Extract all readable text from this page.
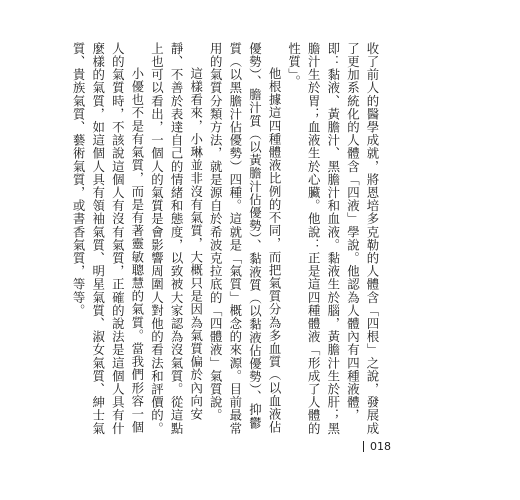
收了前人的醫學成就，將恩培多克勒的人體含「四根」之說，發展成了更加系統化的人體含「四液」學說。他認為人體內有四種液體，即：黏液、黃膽汁、黑膽汁和血液。黏液生於腦，黃膽汁生於肝；黑膽汁生於胃；血液生於心臟。他說：正是這四種體液「形成了人體的性質」。

他根據這四種體液比例的不同，而把氣質分為多血質（以血液佔優勢）、膽汁質（以黃膽汁佔優勢）、黏液質（以黏液佔優勢）、抑鬱質（以黑膽汁佔優勢）四種。這就是「氣質」概念的來源。目前最常用的氣質分類方法，就是源自於希波克拉底的「四體液」氣質說。

這樣看來，小琳並非沒有氣質，大概只是因為氣質偏於內向安靜、不善於表達自己的情緒和態度，以致被大家認為沒氣質。從這點上也可以看出，一個人的氣質是會影響周圍人對他的看法和評價的。

小優也不是有氣質，而是有著靈敏聰慧的氣質。當我們形容一個人的氣質時，不該說這個人有沒有氣質，正確的說法是這個人具有什麼樣的氣質，如這個人具有領袖氣質、明星氣質、淑女氣質、紳士氣質、貴族氣質、藝術氣質，或書香氣質，等等。

018
